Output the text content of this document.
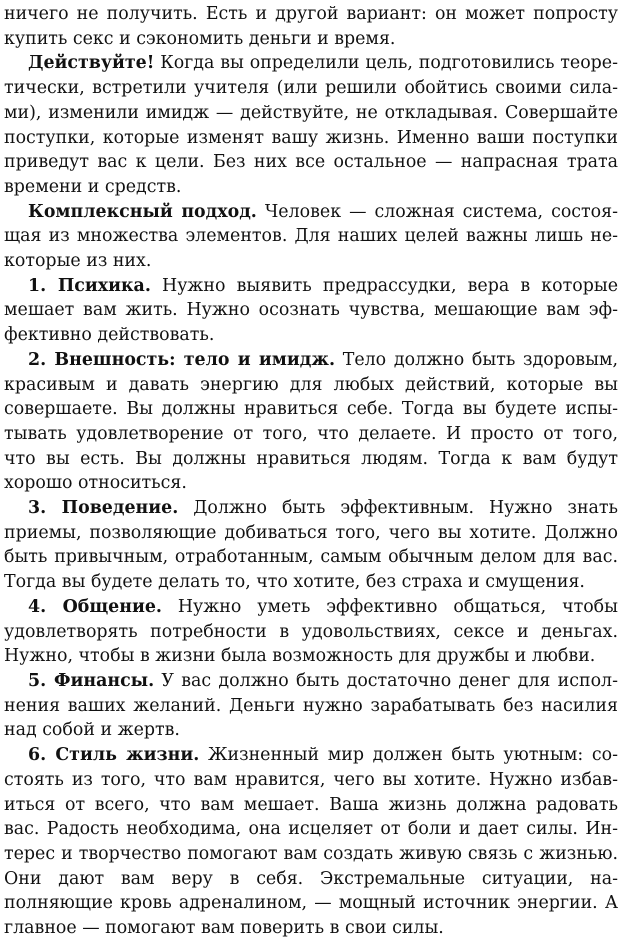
ничего не получить. Есть и другой вариант: он может попросту купить секс и сэкономить деньги и время.

Действуйте! Когда вы определили цель, подготовились теоретически, встретили учителя (или решили обойтись своими силами), изменили имидж — действуйте, не откладывая. Совершайте поступки, которые изменят вашу жизнь. Именно ваши поступки приведут вас к цели. Без них все остальное — напрасная трата времени и средств.

Комплексный подход. Человек — сложная система, состоящая из множества элементов. Для наших целей важны лишь некоторые из них.

1. Психика. Нужно выявить предрассудки, вера в которые мешает вам жить. Нужно осознать чувства, мешающие вам эффективно действовать.

2. Внешность: тело и имидж. Тело должно быть здоровым, красивым и давать энергию для любых действий, которые вы совершаете. Вы должны нравиться себе. Тогда вы будете испытывать удовлетворение от того, что делаете. И просто от того, что вы есть. Вы должны нравиться людям. Тогда к вам будут хорошо относиться.

3. Поведение. Должно быть эффективным. Нужно знать приемы, позволяющие добиваться того, чего вы хотите. Должно быть привычным, отработанным, самым обычным делом для вас. Тогда вы будете делать то, что хотите, без страха и смущения.

4. Общение. Нужно уметь эффективно общаться, чтобы удовлетворять потребности в удовольствиях, сексе и деньгах. Нужно, чтобы в жизни была возможность для дружбы и любви.

5. Финансы. У вас должно быть достаточно денег для исполнения ваших желаний. Деньги нужно зарабатывать без насилия над собой и жертв.

6. Стиль жизни. Жизненный мир должен быть уютным: состоять из того, что вам нравится, чего вы хотите. Нужно избавиться от всего, что вам мешает. Ваша жизнь должна радовать вас. Радость необходима, она исцеляет от боли и дает силы. Интерес и творчество помогают вам создать живую связь с жизнью. Они дают вам веру в себя. Экстремальные ситуации, наполняющие кровь адреналином, — мощный источник энергии. А главное — помогают вам поверить в свои силы.
